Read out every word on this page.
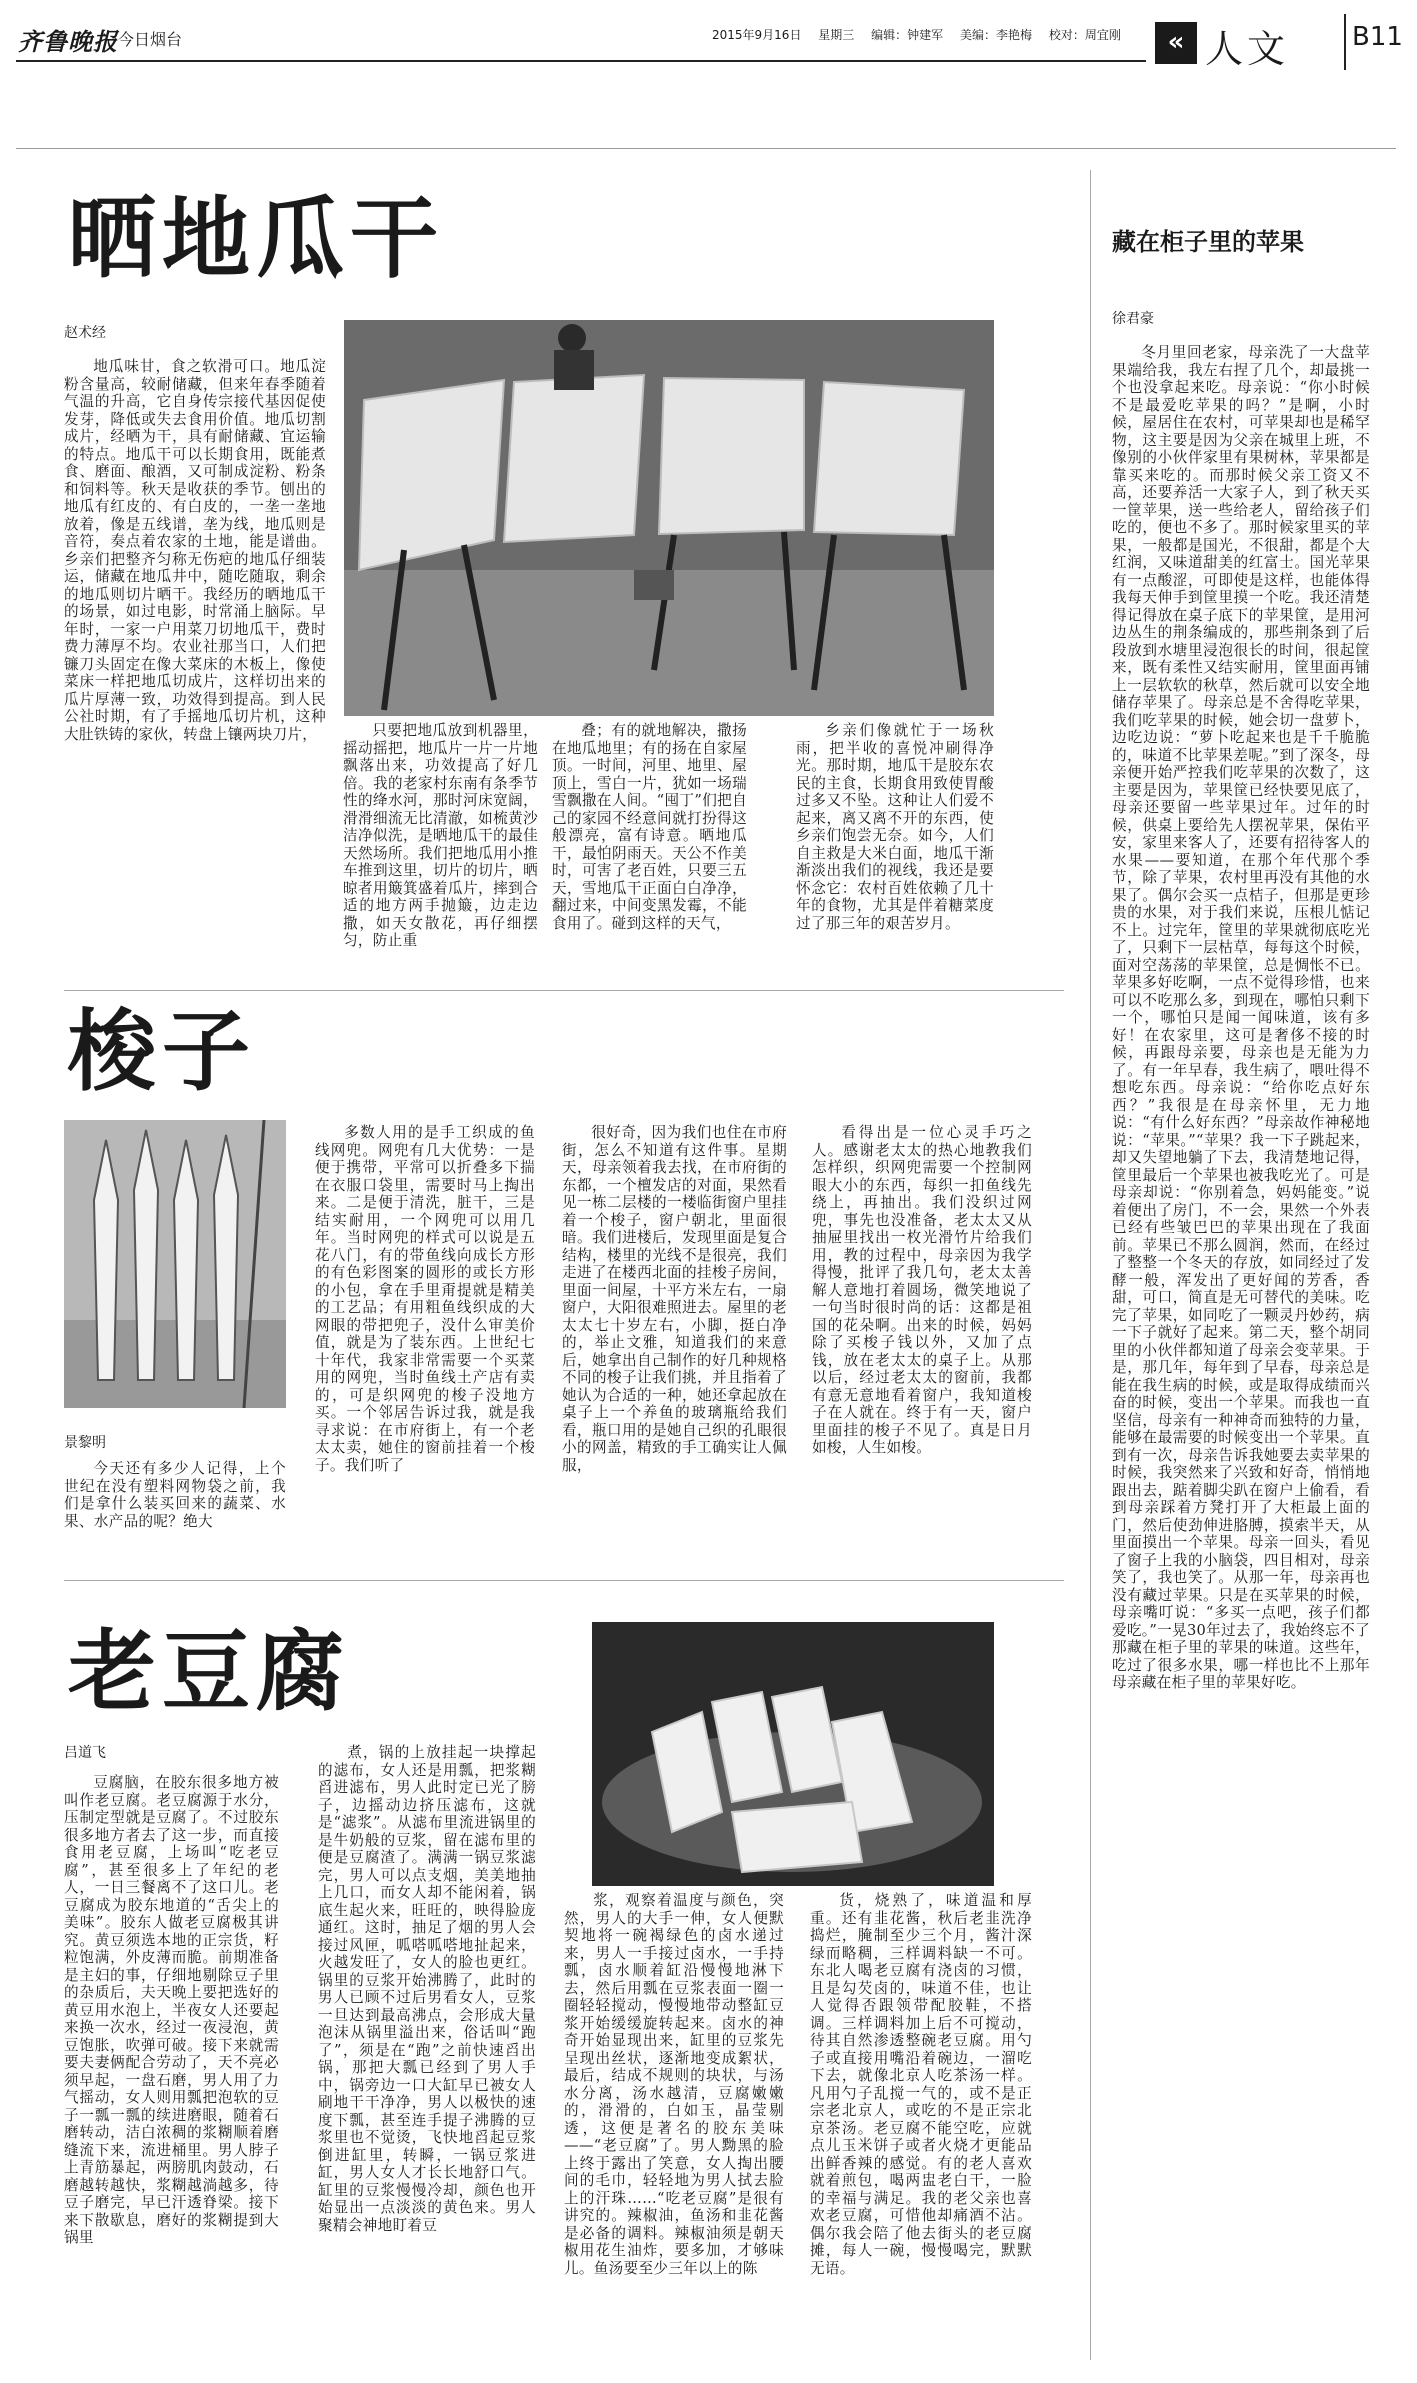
齐鲁晚报 今日烟台	2015年9月16日 星期三 编辑：钟建军 美编：李艳梅 校对：周宜刚	« 人文 B11
晒地瓜干
赵术经

地瓜味甘，食之软滑可口。地瓜淀粉含量高，较耐储藏，但来年春季随着气温的升高，它自身传宗接代基因促使发芽，降低或失去食用价值。地瓜切割成片，经晒为干，具有耐储藏、宜运输的特点。地瓜干可以长期食用，既能煮食、磨面、酿酒，又可制成淀粉、粉条和饲料等。秋天是收获的季节。刨出的地瓜有红皮的、有白皮的，一垄一垄地放着，像是五线谱，垄为线，地瓜则是音符，奏点着农家的土地，能是谱曲。乡亲们把整齐匀称无伤疤的地瓜仔细装运，储藏在地瓜井中，随吃随取，剩余的地瓜则切片晒干。我经历的晒地瓜干的场景，如过电影，时常涌上脑际。早年时，一家一户用菜刀切地瓜干，费时费力薄厚不均。农业社那当口，人们把镰刀头固定在像大菜床的木板上，像使菜床一样把地瓜切成片，这样切出来的瓜片厚薄一致，功效得到提高。到人民公社时期，有了手摇地瓜切片机，这种大肚铁铸的家伙，转盘上镶两块刀片，	只要把地瓜放到机器里，摇动摇把，地瓜片一片一片地飘落出来，功效提高了好几倍。我的老家村东南有条季节性的绛水河，那时河床宽阔，滑滑细流无比清澈，如梳黄沙洁净似洗，是晒地瓜干的最佳天然场所。我们把地瓜用小推车推到这里，切片的切片，晒晾者用簸箕盛着瓜片，摔到合适的地方两手抛簸，边走边撒，如天女散花，再仔细摆匀，防止重

叠；有的就地解决，撒扬在地瓜地里；有的扬在自家屋顶。一时间，河里、地里、屋顶上，雪白一片，犹如一场瑞雪飘撒在人间。“囤丁”们把自己的家园不经意间就打扮得这般漂亮，富有诗意。晒地瓜干，最怕阴雨天。天公不作美时，可害了老百姓，只要三五天，雪地瓜干正面白白净净，翻过来，中间变黑发霉，不能食用了。碰到这样的天气，

乡亲们像就忙于一场秋雨，把半收的喜悦冲刷得净光。那时期，地瓜干是胶东农民的主食，长期食用致使胃酸过多又不坠。这种让人们爱不起来，离又离不开的东西，使乡亲们饱尝无奈。如今，人们自主救是大米白面，地瓜干渐渐淡出我们的视线，我还是要怀念它：农村百姓依赖了几十年的食物，尤其是伴着糖菜度过了那三年的艰苦岁月。

梭子
景黎明

今天还有多少人记得，上个世纪在没有塑料网物袋之前，我们是拿什么装买回来的蔬菜、水果、水产品的呢？绝大

多数人用的是手工织成的鱼线网兜。网兜有几大优势：一是便于携带，平常可以折叠多下揣在衣服口袋里，需要时马上掏出来。二是便于清洗，脏干，三是结实耐用，一个网兜可以用几年。当时网兜的样式可以说是五花八门，有的带鱼线向成长方形的有色彩图案的圆形的或长方形的小包，拿在手里甭提就是精美的工艺品；有用粗鱼线织成的大网眼的带把兜子，没什么审美价值，就是为了装东西。上世纪七十年代，我家非常需要一个买菜用的网兜，当时鱼线土产店有卖的，可是织网兜的梭子没地方买。一个邻居告诉过我，就是我寻求说：在市府街上，有一个老太太卖，她住的窗前挂着一个梭子。我们听了

很好奇，因为我们也住在市府街，怎么不知道有这件事。星期天，母亲领着我去找，在市府街的东都，一个檀发店的对面，果然看见一栋二层楼的一楼临街窗户里挂着一个梭子，窗户朝北，里面很暗。我们进楼后，发现里面是复合结构，楼里的光线不是很亮，我们走进了在楼西北面的挂梭子房间，里面一间屋，十平方米左右，一扇窗户，大阳很难照进去。屋里的老太太七十岁左右，小脚，挺白净的，举止文雅，知道我们的来意后，她拿出自己制作的好几种规格不同的梭子让我们挑，并且指着了她认为合适的一种，她还拿起放在桌子上一个养鱼的玻璃瓶给我们看，瓶口用的是她自己织的孔眼很小的网盖，精致的手工确实让人佩服，

看得出是一位心灵手巧之人。感谢老太太的热心地教我们怎样织，织网兜需要一个控制网眼大小的东西，每织一扣鱼线先绕上，再抽出。我们没织过网兜，事先也没准备，老太太又从抽屉里找出一枚光滑竹片给我们用，教的过程中，母亲因为我学得慢，批评了我几句，老太太善解人意地打着圆场，微笑地说了一句当时很时尚的话：这都是祖国的花朵啊。出来的时候，妈妈除了买梭子钱以外，又加了点钱，放在老太太的桌子上。从那以后，经过老太太的窗前，我都有意无意地看着窗户，我知道梭子在人就在。终于有一天，窗户里面挂的梭子不见了。真是日月如梭，人生如梭。

老豆腐
吕道飞

豆腐脑，在胶东很多地方被叫作老豆腐。老豆腐源于水分，压制定型就是豆腐了。不过胶东很多地方者去了这一步，而直接食用老豆腐，上场叫“吃老豆腐”，甚至很多上了年纪的老人，一日三餐离不了这口儿。老豆腐成为胶东地道的“舌尖上的美味”。胶东人做老豆腐极其讲究。黄豆须选本地的正宗货，籽粒饱满，外皮薄而脆。前期准备是主妇的事，仔细地剔除豆子里的杂质后，夫天晚上要把选好的黄豆用水泡上，半夜女人还要起来换一次水，经过一夜浸泡，黄豆饱胀，吹弹可破。接下来就需要夫妻俩配合劳动了，天不亮必须早起，一盘石磨，男人用了力气摇动，女人则用瓢把泡软的豆子一瓢一瓢的续进磨眼，随着石磨转动，洁白浓稠的浆糊顺着磨缝流下来，流进桶里。男人脖子上青筋暴起，两膀肌肉鼓动，石磨越转越快，浆糊越淌越多，待豆子磨完，早已汗透脊梁。接下来下散歇息，磨好的浆糊提到大锅里

煮，锅的上放挂起一块撑起的滤布，女人还是用瓢，把浆糊舀进滤布，男人此时定已光了膀子，边摇动边挤压滤布，这就是“滤浆”。从滤布里流进锅里的是牛奶般的豆浆，留在滤布里的便是豆腐渣了。满满一锅豆浆滤完，男人可以点支烟，美美地抽上几口，而女人却不能闲着，锅底生起火来，旺旺的，映得脸庞通红。这时，抽足了烟的男人会接过风匣，呱嗒呱嗒地扯起来，火越发旺了，女人的脸也更红。锅里的豆浆开始沸腾了，此时的男人已顾不过后男看女人，豆浆一旦达到最高沸点，会形成大量泡沫从锅里溢出来，俗话叫“跑了”，须是在“跑”之前快速舀出锅，那把大瓢已经到了男人手中，锅旁边一口大缸早已被女人刷地干干净净，男人以极快的速度下瓢，甚至连手提子沸腾的豆浆里也不觉烫，飞快地舀起豆浆倒进缸里，转瞬，一锅豆浆进缸，男人女人才长长地舒口气。缸里的豆浆慢慢冷却，颜色也开始显出一点淡淡的黄色来。男人聚精会神地盯着豆

浆，观察着温度与颜色，突然，男人的大手一伸，女人便默契地将一碗褐绿色的卤水递过来，男人一手接过卤水，一手持瓢，卤水顺着缸沿慢慢地淋下去，然后用瓢在豆浆表面一圈一圈轻轻搅动，慢慢地带动整缸豆浆开始缓缓旋转起来。卤水的神奇开始显现出来，缸里的豆浆先呈现出丝状，逐渐地变成絮状，最后，结成不规则的块状，与汤水分离，汤水越清，豆腐嫩嫩的，滑滑的，白如玉，晶莹剔透，这便是著名的胶东美味——“老豆腐”了。男人黝黑的脸上终于露出了笑意，女人掏出腰间的毛巾，轻轻地为男人拭去脸上的汗珠……“吃老豆腐”是很有讲究的。辣椒油，鱼汤和韭花酱是必备的调料。辣椒油须是朝天椒用花生油炸，要多加，才够味儿。鱼汤要至少三年以上的陈

货，烧熟了，味道温和厚重。还有韭花酱，秋后老韭洗净捣烂，腌制至少三个月，酱汁深绿而略稠，三样调料缺一不可。东北人喝老豆腐有浇卤的习惯，且是勾芡卤的，味道不佳，也让人觉得否跟领带配胶鞋，不搭调。三样调料加上后不可搅动，待其自然渗透整碗老豆腐。用勺子或直接用嘴沿着碗边，一溜吃下去，就像北京人吃茶汤一样。凡用勺子乱搅一气的，或不是正宗老北京人，或吃的不是正宗北京茶汤。老豆腐不能空吃，应就点儿玉米饼子或者火烧才更能品出鲜香辣的感觉。有的老人喜欢就着煎包，喝两盅老白干，一脸的幸福与满足。我的老父亲也喜欢老豆腐，可惜他却痛酒不沾。偶尔我会陪了他去街头的老豆腐摊，每人一碗，慢慢喝完，默默无语。

藏在柜子里的苹果
徐君豪

冬月里回老家，母亲洗了一大盘苹果端给我，我左右捏了几个，却最挑一个也没拿起来吃。母亲说：“你小时候不是最爱吃苹果的吗？”是啊，小时候，屋居住在农村，可苹果却也是稀罕物，这主要是因为父亲在城里上班，不像别的小伙伴家里有果树林，苹果都是靠买来吃的。而那时候父亲工资又不高，还要养活一大家子人，到了秋天买一筐苹果，送一些给老人，留给孩子们吃的，便也不多了。那时候家里买的苹果，一般都是国光，不很甜，都是个大红润，又味道甜美的红富士。国光苹果有一点酸涩，可即使是这样，也能体得我每天伸手到筐里摸一个吃。我还清楚得记得放在桌子底下的苹果筐，是用河边丛生的荆条编成的，那些荆条到了后段放到水塘里浸泡很长的时间，很起筐来，既有柔性又结实耐用，筐里面再铺上一层软软的秋草，然后就可以安全地储存苹果了。母亲总是不舍得吃苹果，我们吃苹果的时候，她会切一盘萝卜，边吃边说：“萝卜吃起来也是千千脆脆的，味道不比苹果差呢。”到了深冬，母亲便开始严控我们吃苹果的次数了，这主要是因为，苹果筐已经快要见底了，母亲还要留一些苹果过年。过年的时候，供桌上要给先人摆祝苹果，保佑平安，家里来客人了，还要有招待客人的水果——要知道，在那个年代那个季节，除了苹果，农村里再没有其他的水果了。偶尔会买一点桔子，但那是更珍贵的水果，对于我们来说，压根儿惦记不上。过完年，筐里的苹果就彻底吃光了，只剩下一层枯草，每每这个时候，面对空荡荡的苹果筐，总是惆怅不已。苹果多好吃啊，一点不觉得珍惜，也来可以不吃那么多，到现在，哪怕只剩下一个，哪怕只是闻一闻味道，该有多好！在农家里，这可是奢侈不接的时候，再跟母亲要，母亲也是无能为力了。有一年早春，我生病了，喂吐得不想吃东西。母亲说：“给你吃点好东西？”我很是在母亲怀里，无力地说：“有什么好东西？”母亲故作神秘地说：“苹果。”“苹果？我一下子跳起来，却又失望地躺了下去，我清楚地记得，筐里最后一个苹果也被我吃光了。可是母亲却说：“你别着急，妈妈能变。”说着便出了房门，不一会，果然一个外表已经有些皱巴巴的苹果出现在了我面前。苹果已不那么圆润，然而，在经过了整整一个冬天的存放，如同经过了发酵一般，浑发出了更好闻的芳香，香甜，可口，简直是无可替代的美味。吃完了苹果，如同吃了一颗灵丹妙药，病一下子就好了起来。第二天，整个胡同里的小伙伴都知道了母亲会变苹果。于是，那几年，每年到了早春，母亲总是能在我生病的时候，或是取得成绩而兴奋的时候，变出一个苹果。而我也一直坚信，母亲有一种神奇而独特的力量，能够在最需要的时候变出一个苹果。直到有一次，母亲告诉我她要去卖苹果的时候，我突然来了兴致和好奇，悄悄地跟出去，踮着脚尖趴在窗户上偷看，看到母亲踩着方凳打开了大柜最上面的门，然后使劲伸进胳膊，摸索半天，从里面摸出一个苹果。母亲一回头，看见了窗子上我的小脑袋，四目相对，母亲笑了，我也笑了。从那一年，母亲再也没有藏过苹果。只是在买苹果的时候，母亲嘴叮说：“多买一点吧，孩子们都爱吃。”一晃30年过去了，我始终忘不了那藏在柜子里的苹果的味道。这些年，吃过了很多水果，哪一样也比不上那年母亲藏在柜子里的苹果好吃。
